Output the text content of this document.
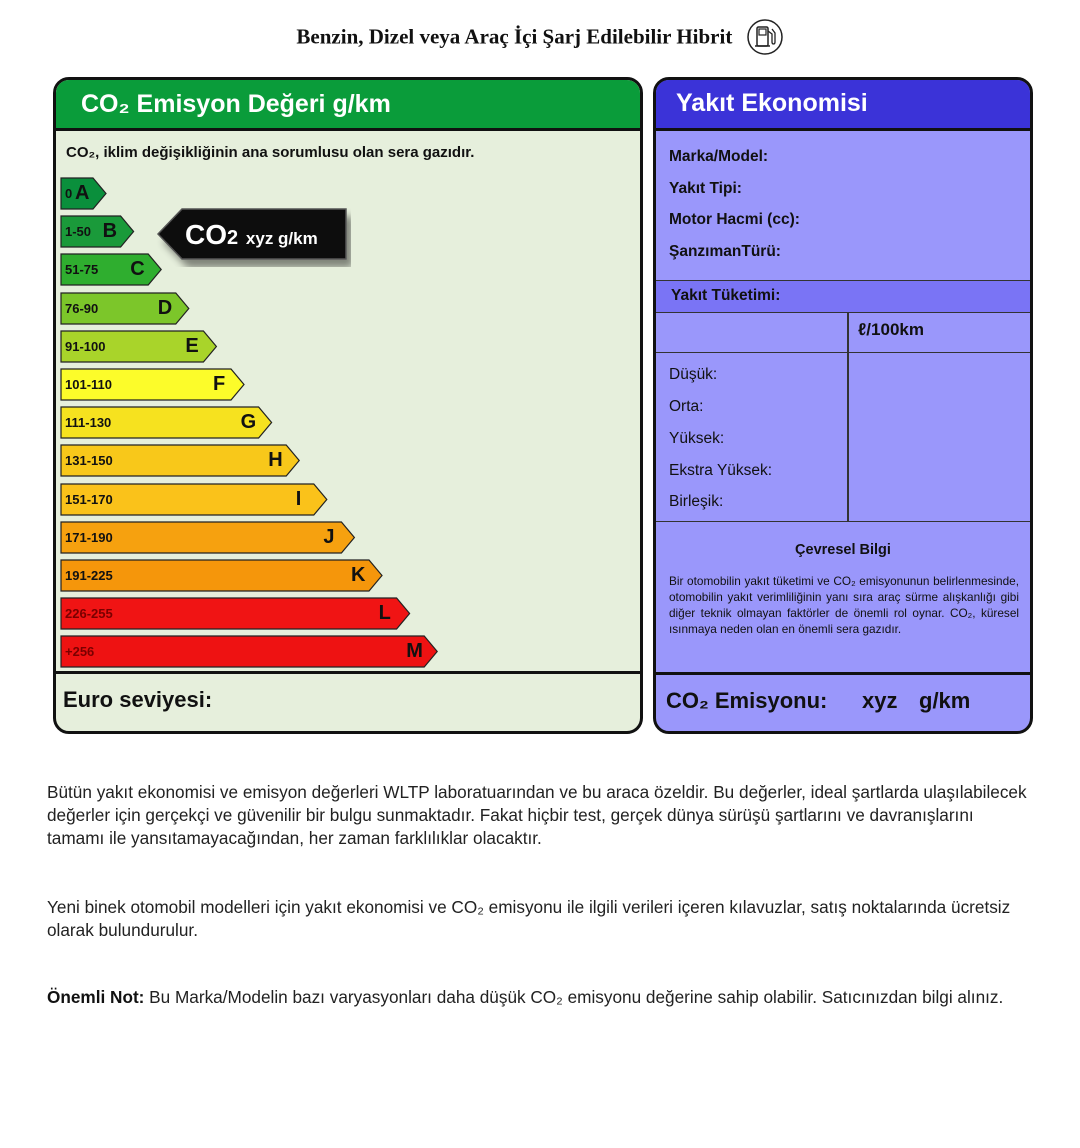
Benzin, Dizel veya Araç İçi Şarj Edilebilir Hibrit
CO₂ Emisyon Değeri g/km
CO₂, iklim değişikliğinin ana sorumlusu olan sera gazıdır.
0 A
1-50 B
51-75 C
76-90	D
91-100	E
101-110	F
111-130	G
131-150	H
151-170	I
171-190	J
191-225	K
226-255	L
+256	M
CO2 xyz g/km
Euro seviyesi:
Yakıt Ekonomisi
Marka/Model:
Yakıt Tipi:
Motor Hacmi (cc):
ŞanzımanTürü:
Yakıt Tüketimi:
ℓ/100km
Düşük:
Orta:
Yüksek:
Ekstra Yüksek:
Birleşik:
Çevresel Bilgi
Bir otomobilin yakıt tüketimi ve CO₂ emisyonunun belirlenmesinde, otomobilin yakıt verimliliğinin yanı sıra araç sürme alışkanlığı gibi diğer teknik olmayan faktörler de önemli rol oynar. CO₂, küresel ısınmaya neden olan en önemli sera gazıdır.
CO₂ Emisyonu: xyz g/km
Bütün yakıt ekonomisi ve emisyon değerleri WLTP laboratuarından ve bu araca özeldir. Bu değerler, ideal şartlarda ulaşılabilecek değerler için gerçekçi ve güvenilir bir bulgu sunmaktadır. Fakat hiçbir test, gerçek dünya sürüşü şartlarını ve davranışlarını tamamı ile yansıtamayacağından, her zaman farklılıklar olacaktır.
Yeni binek otomobil modelleri için yakıt ekonomisi ve CO₂ emisyonu ile ilgili verileri içeren kılavuzlar, satış noktalarında ücretsiz olarak bulundurulur.
Önemli Not: Bu Marka/Modelin bazı varyasyonları daha düşük CO₂ emisyonu değerine sahip olabilir. Satıcınızdan bilgi alınız.
